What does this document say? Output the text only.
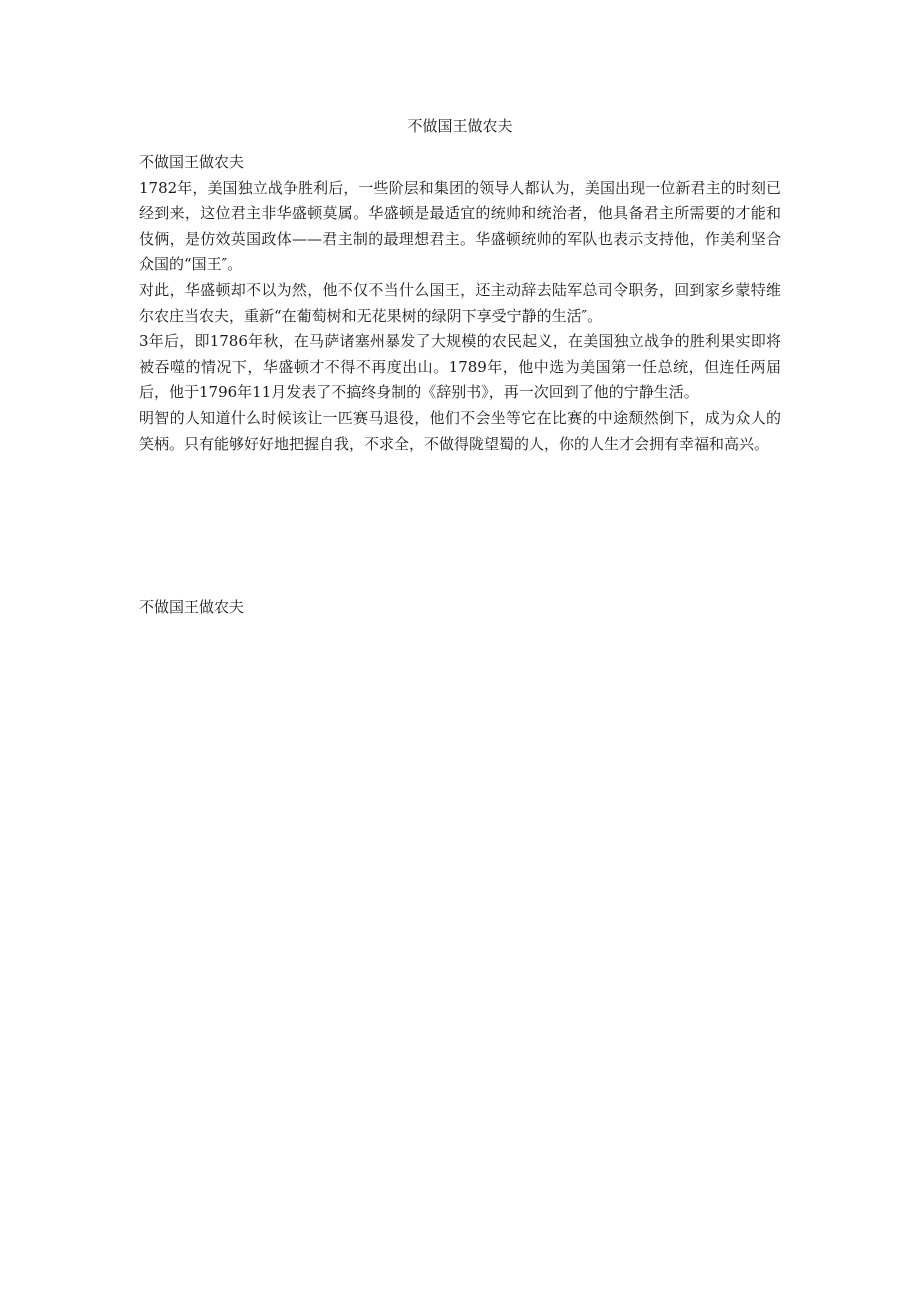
不做国王做农夫

不做国王做农夫

1782年，美国独立战争胜利后，一些阶层和集团的领导人都认为，美国出现一位新君主的时刻已经到来，这位君主非华盛顿莫属。华盛顿是最适宜的统帅和统治者，他具备君主所需要的才能和伎俩，是仿效英国政体——君主制的最理想君主。华盛顿统帅的军队也表示支持他，作美利坚合众国的“国王″。

对此，华盛顿却不以为然，他不仅不当什么国王，还主动辞去陆军总司令职务，回到家乡蒙特维尔农庄当农夫，重新“在葡萄树和无花果树的绿阴下享受宁静的生活″。

3年后，即1786年秋，在马萨诸塞州暴发了大规模的农民起义，在美国独立战争的胜利果实即将被吞噬的情况下，华盛顿才不得不再度出山。1789年，他中选为美国第一任总统，但连任两届后，他于1796年11月发表了不搞终身制的《辞别书》，再一次回到了他的宁静生活。

明智的人知道什么时候该让一匹赛马退役，他们不会坐等它在比赛的中途颓然倒下，成为众人的笑柄。只有能够好好地把握自我，不求全，不做得陇望蜀的人，你的人生才会拥有幸福和高兴。

不做国王做农夫
